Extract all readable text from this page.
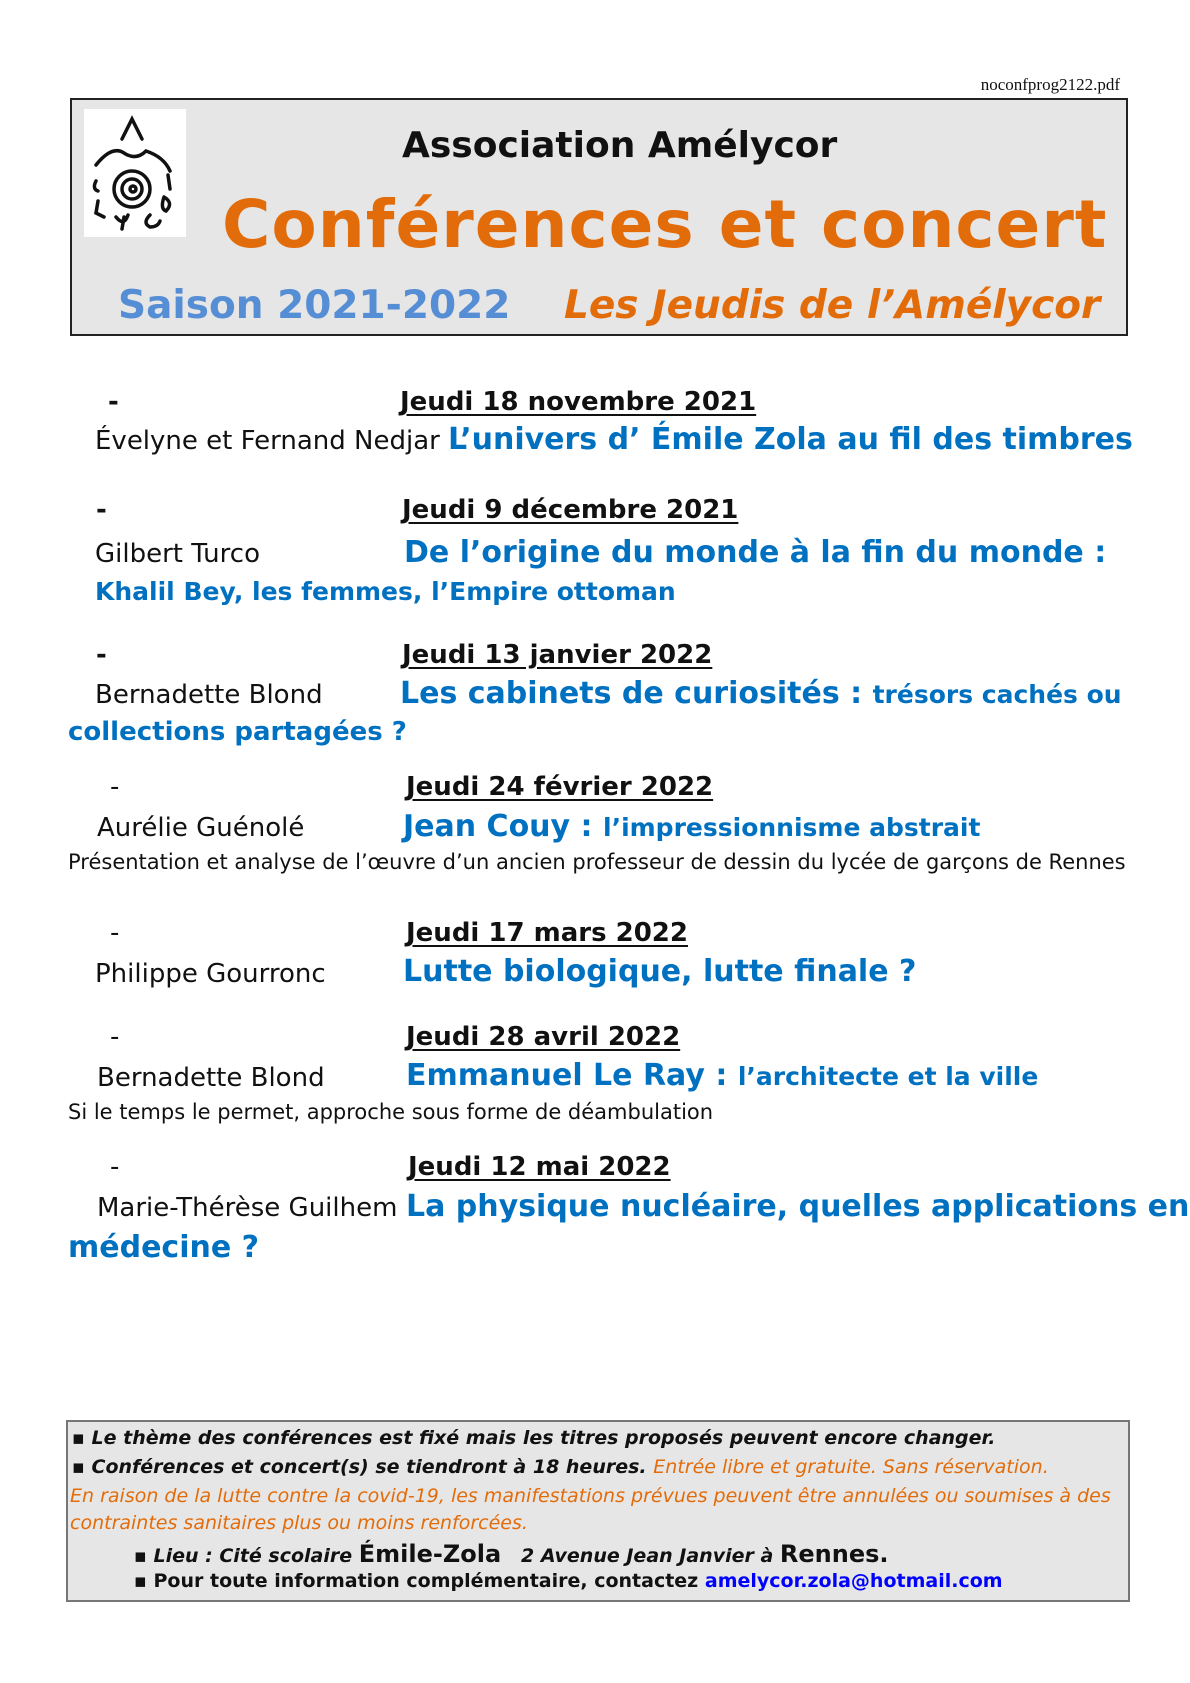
noconfprog2122.pdf
Association Amélycor
Conférences et concert
Saison 2021-2022 Les Jeudis de l’Amélycor
-	Jeudi 18 novembre 2021
Évelyne et Fernand Nedjar L’univers d’ Émile Zola au fil des timbres
-	Jeudi 9 décembre 2021
Gilbert Turco	De l’origine du monde à la fin du monde :
Khalil Bey, les femmes, l’Empire ottoman
-	Jeudi 13 janvier 2022
Bernadette Blond	Les cabinets de curiosités : trésors cachés ou
collections partagées ?
-	Jeudi 24 février 2022
Aurélie Guénolé	Jean Couy : l’impressionnisme abstrait
Présentation et analyse de l’œuvre d’un ancien professeur de dessin du lycée de garçons de Rennes
-	Jeudi 17 mars 2022
Philippe Gourronc	Lutte biologique, lutte finale ?
-	Jeudi 28 avril 2022
Bernadette Blond	Emmanuel Le Ray : l’architecte et la ville
Si le temps le permet, approche sous forme de déambulation
-	Jeudi 12 mai 2022
Marie-Thérèse Guilhem La physique nucléaire, quelles applications en
médecine ?
▪ Le thème des conférences est fixé mais les titres proposés peuvent encore changer.
▪ Conférences et concert(s) se tiendront à 18 heures. Entrée libre et gratuite. Sans réservation.
En raison de la lutte contre la covid-19, les manifestations prévues peuvent être annulées ou soumises à des
contraintes sanitaires plus ou moins renforcées.
▪ Lieu : Cité scolaire Émile-Zola 2 Avenue Jean Janvier à Rennes.
▪ Pour toute information complémentaire, contactez amelycor.zola@hotmail.com
